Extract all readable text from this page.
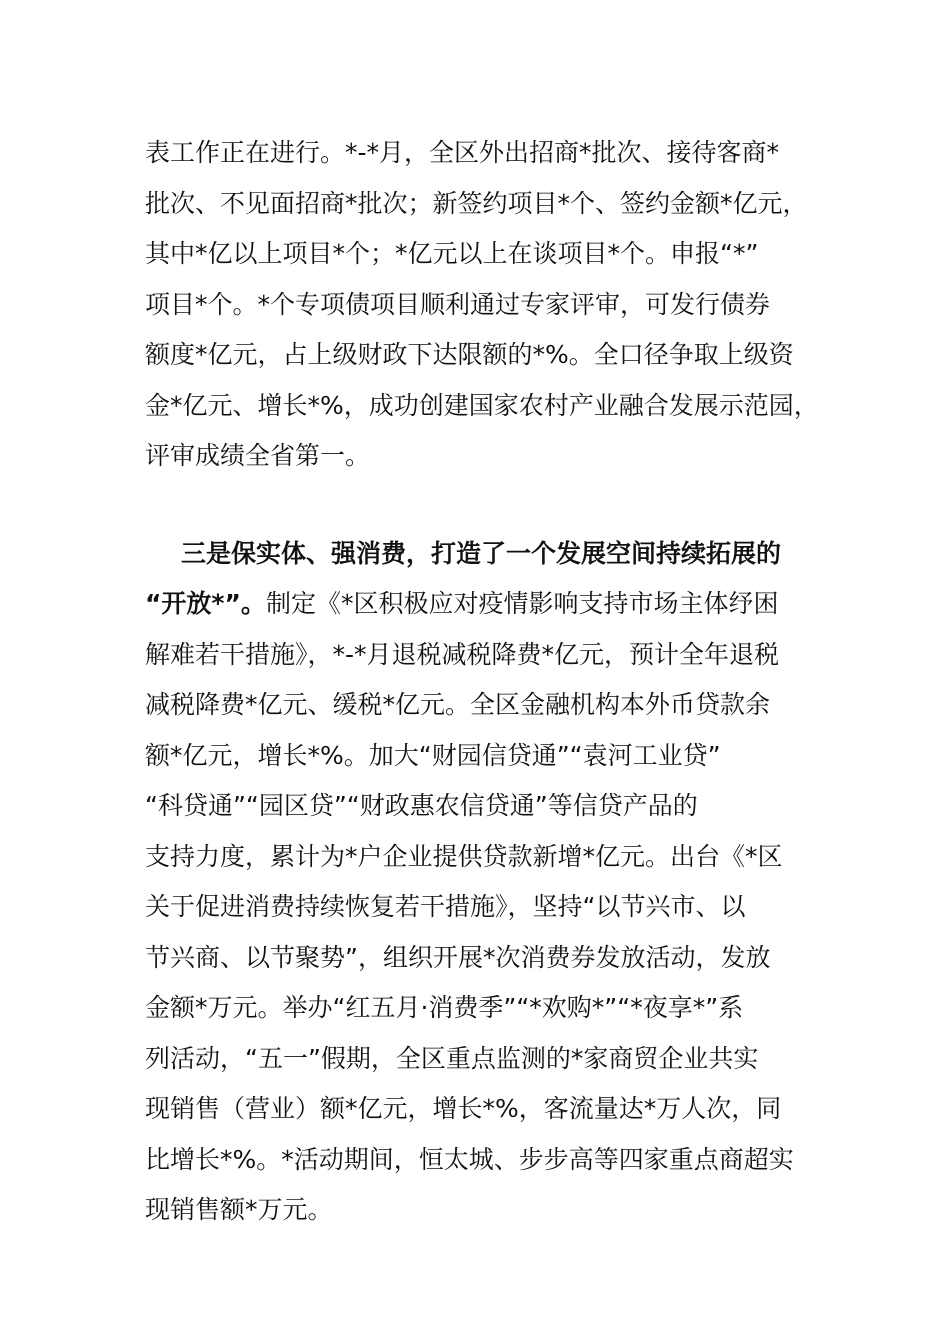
表工作正在进行。*-*月，全区外出招商*批次、接待客商*
批次、不见面招商*批次；新签约项目*个、签约金额*亿元，
其中*亿以上项目*个；*亿元以上在谈项目*个。申报“*”
项目*个。*个专项债项目顺利通过专家评审，可发行债券
额度*亿元，占上级财政下达限额的*%。全口径争取上级资
金*亿元、增长*%，成功创建国家农村产业融合发展示范园，
评审成绩全省第一。
三是保实体、强消费，打造了一个发展空间持续拓展的
“开放*”。制定《*区积极应对疫情影响支持市场主体纾困
解难若干措施》，*-*月退税减税降费*亿元，预计全年退税
减税降费*亿元、缓税*亿元。全区金融机构本外币贷款余
额*亿元，增长*%。加大“财园信贷通”“袁河工业贷”
“科贷通”“园区贷”“财政惠农信贷通”等信贷产品的
支持力度，累计为*户企业提供贷款新增*亿元。出台《*区
关于促进消费持续恢复若干措施》，坚持“以节兴市、以
节兴商、以节聚势”，组织开展*次消费券发放活动，发放
金额*万元。举办“红五月·消费季”“*欢购*”“*夜享*”系
列活动，“五一”假期，全区重点监测的*家商贸企业共实
现销售（营业）额*亿元，增长*%，客流量达*万人次，同
比增长*%。*活动期间，恒太城、步步高等四家重点商超实
现销售额*万元。
